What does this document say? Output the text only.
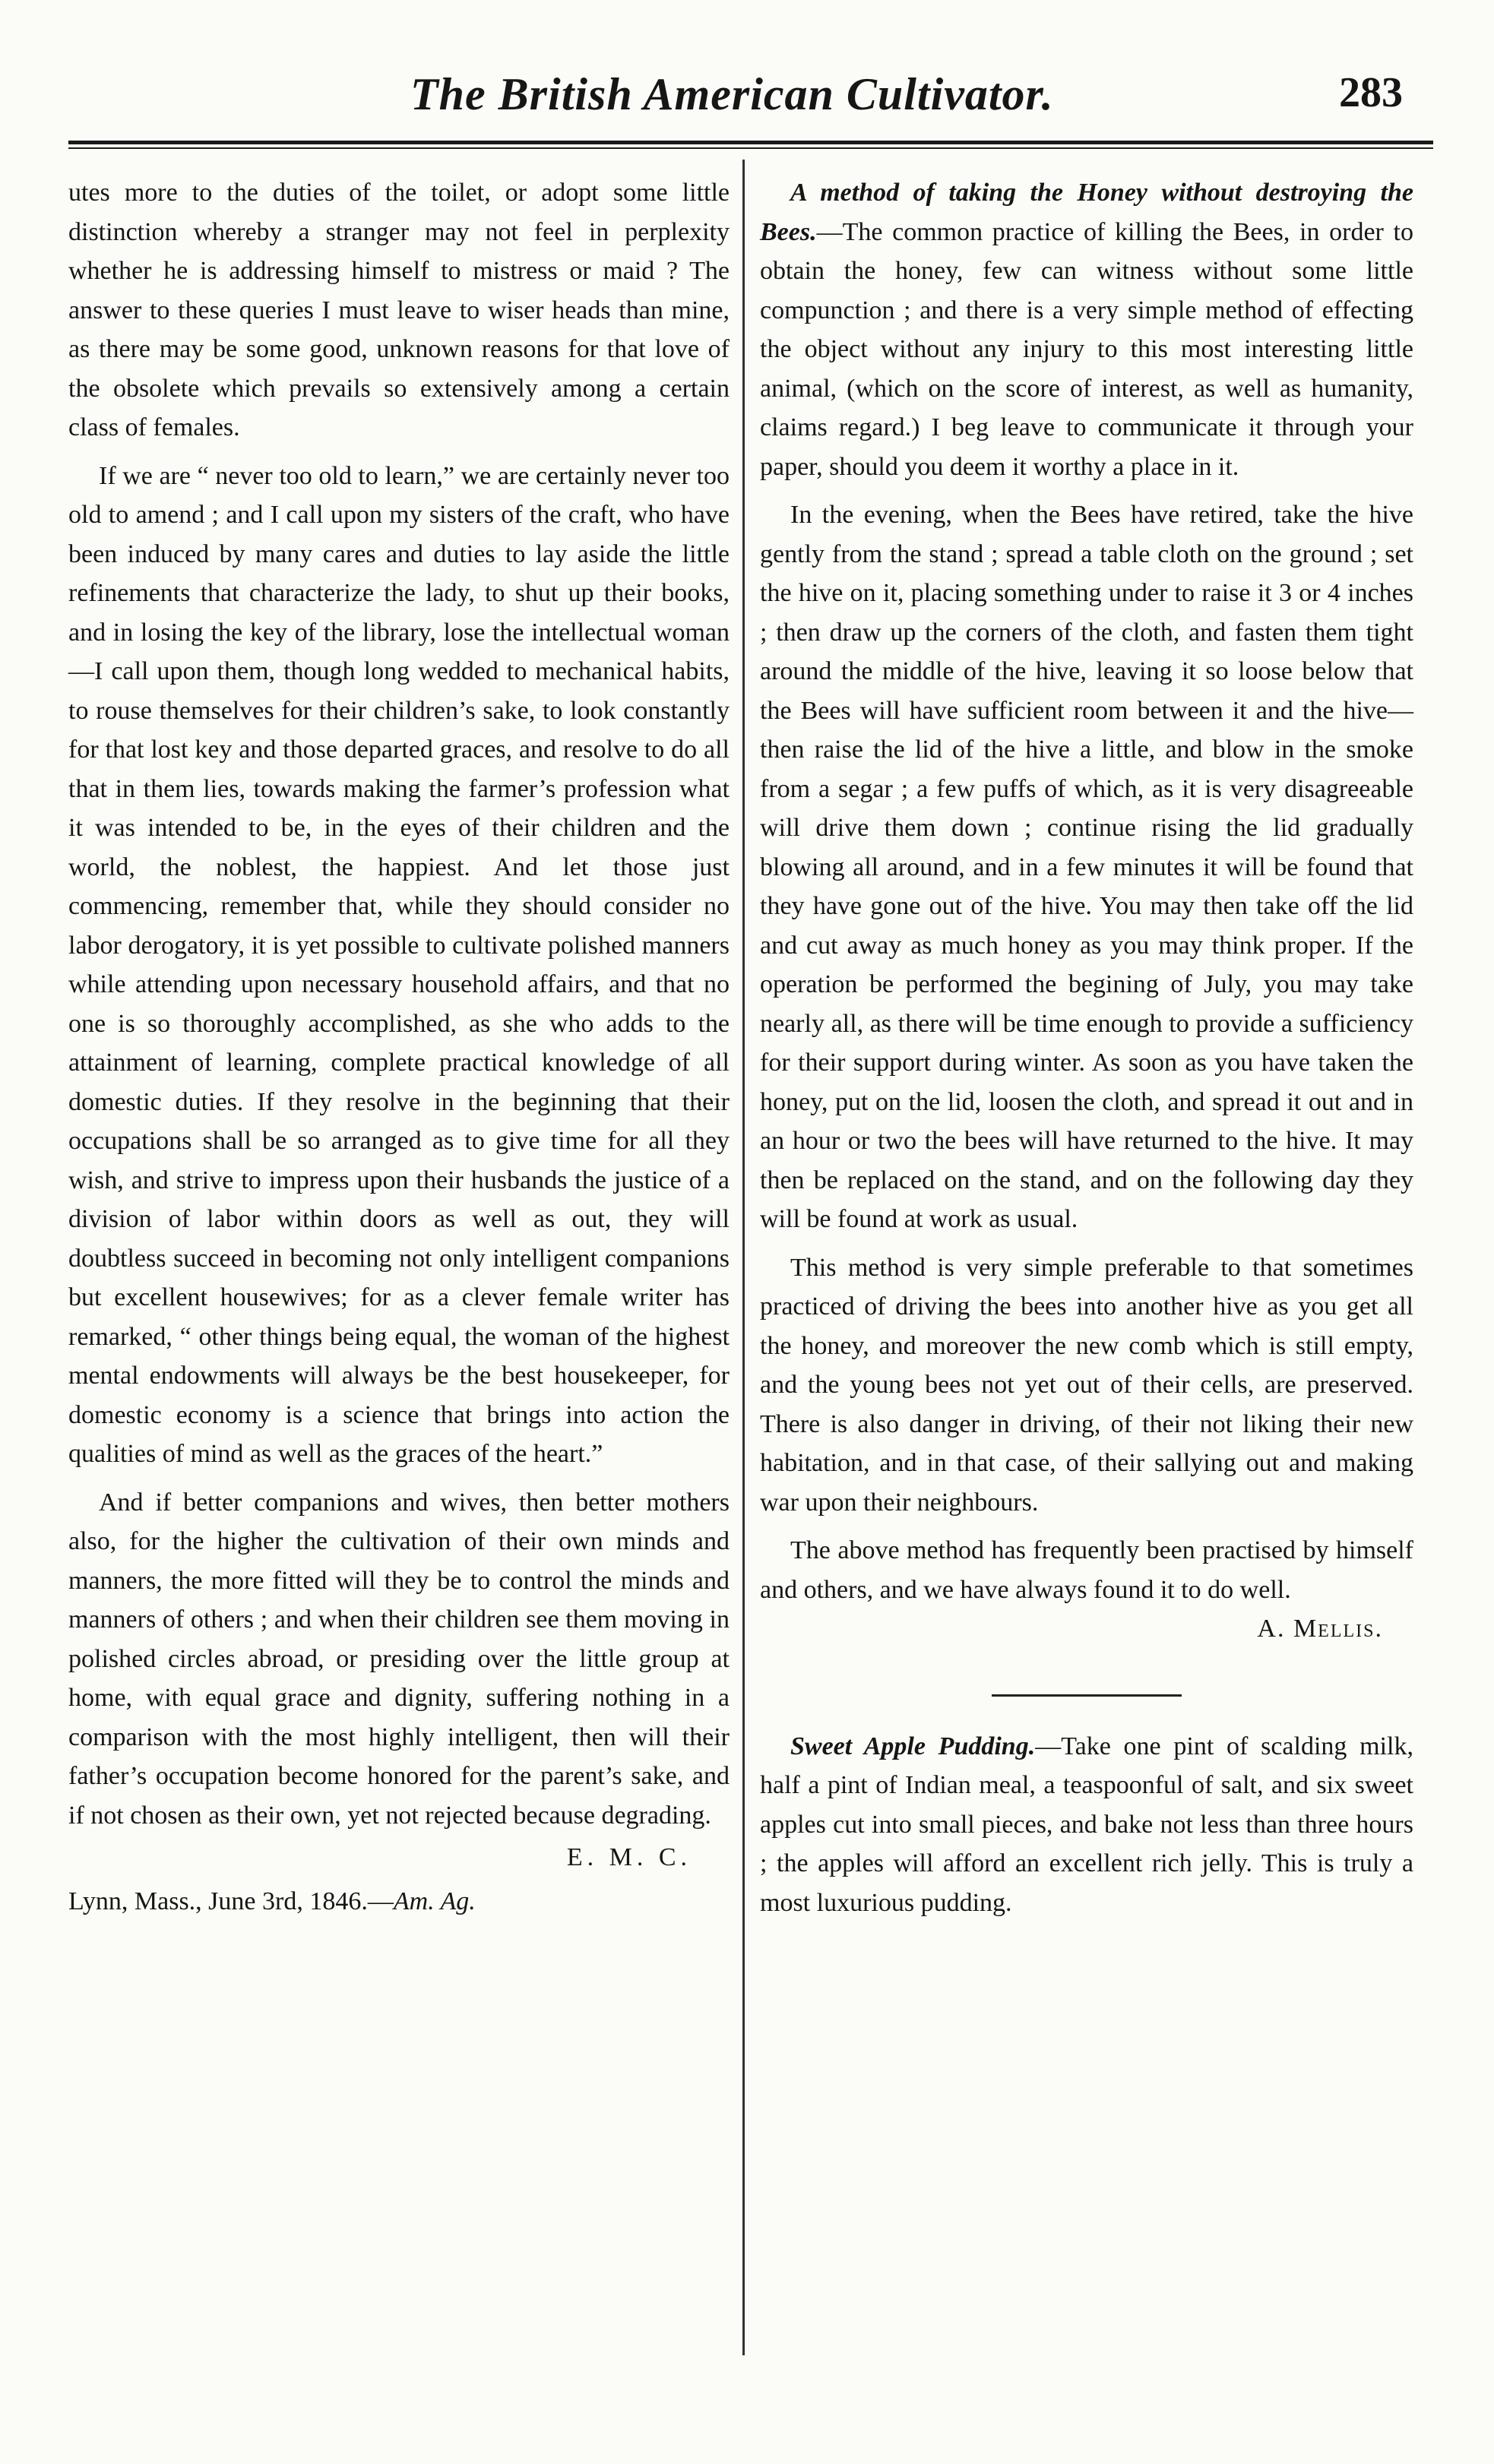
The British American Cultivator.	283

utes more to the duties of the toilet, or adopt some little distinction whereby a stranger may not feel in perplexity whether he is addressing himself to mistress or maid ? The answer to these queries I must leave to wiser heads than mine, as there may be some good, unknown reasons for that love of the obsolete which prevails so extensively among a certain class of females.

If we are “ never too old to learn,” we are certainly never too old to amend ; and I call upon my sisters of the craft, who have been induced by many cares and duties to lay aside the little refinements that characterize the lady, to shut up their books, and in losing the key of the library, lose the intellectual woman—I call upon them, though long wedded to mechanical habits, to rouse themselves for their children’s sake, to look constantly for that lost key and those departed graces, and resolve to do all that in them lies, towards making the farmer’s profession what it was intended to be, in the eyes of their children and the world, the noblest, the happiest. And let those just commencing, remember that, while they should consider no labor derogatory, it is yet possible to cultivate polished manners while attending upon necessary household affairs, and that no one is so thoroughly accomplished, as she who adds to the attainment of learning, complete practical knowledge of all domestic duties. If they resolve in the beginning that their occupations shall be so arranged as to give time for all they wish, and strive to impress upon their husbands the justice of a division of labor within doors as well as out, they will doubtless succeed in becoming not only intelligent companions but excellent housewives; for as a clever female writer has remarked, “ other things being equal, the woman of the highest mental endowments will always be the best housekeeper, for domestic economy is a science that brings into action the qualities of mind as well as the graces of the heart.”

And if better companions and wives, then better mothers also, for the higher the cultivation of their own minds and manners, the more fitted will they be to control the minds and manners of others ; and when their children see them moving in polished circles abroad, or presiding over the little group at home, with equal grace and dignity, suffering nothing in a comparison with the most highly intelligent, then will their father’s occupation become honored for the parent’s sake, and if not chosen as their own, yet not rejected because degrading.

E. M. C.

Lynn, Mass., June 3rd, 1846.—Am. Ag.

A method of taking the Honey without destroying the Bees.—The common practice of killing the Bees, in order to obtain the honey, few can witness without some little compunction ; and there is a very simple method of effecting the object without any injury to this most interesting little animal, (which on the score of interest, as well as humanity, claims regard.) I beg leave to communicate it through your paper, should you deem it worthy a place in it.

In the evening, when the Bees have retired, take the hive gently from the stand ; spread a table cloth on the ground ; set the hive on it, placing something under to raise it 3 or 4 inches ; then draw up the corners of the cloth, and fasten them tight around the middle of the hive, leaving it so loose below that the Bees will have sufficient room between it and the hive—then raise the lid of the hive a little, and blow in the smoke from a segar ; a few puffs of which, as it is very disagreeable will drive them down ; continue rising the lid gradually blowing all around, and in a few minutes it will be found that they have gone out of the hive. You may then take off the lid and cut away as much honey as you may think proper. If the operation be performed the begining of July, you may take nearly all, as there will be time enough to provide a sufficiency for their support during winter. As soon as you have taken the honey, put on the lid, loosen the cloth, and spread it out and in an hour or two the bees will have returned to the hive. It may then be replaced on the stand, and on the following day they will be found at work as usual.

This method is very simple preferable to that sometimes practiced of driving the bees into another hive as you get all the honey, and moreover the new comb which is still empty, and the young bees not yet out of their cells, are preserved. There is also danger in driving, of their not liking their new habitation, and in that case, of their sallying out and making war upon their neighbours.

The above method has frequently been practised by himself and others, and we have always found it to do well.

A. Mellis.

Sweet Apple Pudding.—Take one pint of scalding milk, half a pint of Indian meal, a teaspoonful of salt, and six sweet apples cut into small pieces, and bake not less than three hours ; the apples will afford an excellent rich jelly. This is truly a most luxurious pudding.
